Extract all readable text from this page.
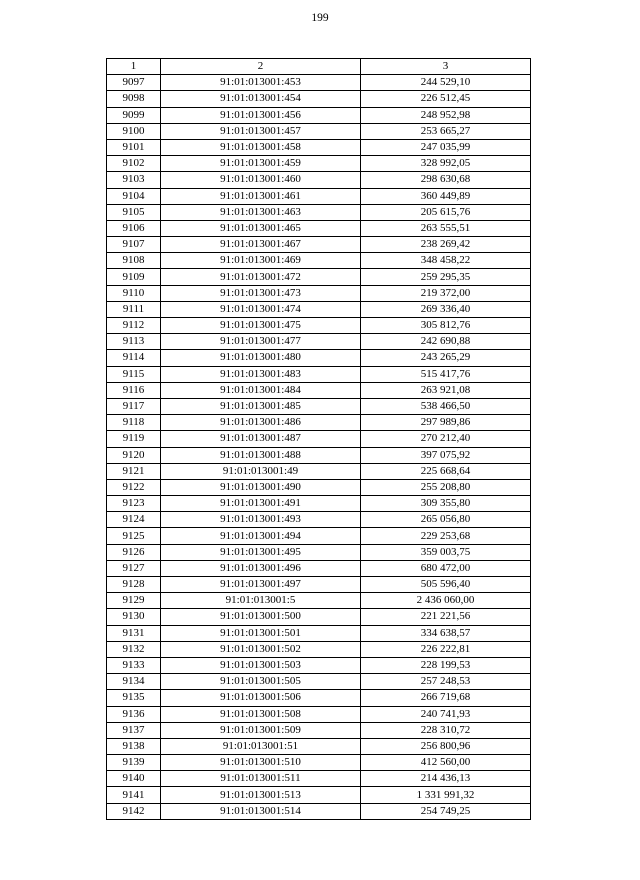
199
1	2	3
9097	91:01:013001:453	244 529,10
9098	91:01:013001:454	226 512,45
9099	91:01:013001:456	248 952,98
9100	91:01:013001:457	253 665,27
9101	91:01:013001:458	247 035,99
9102	91:01:013001:459	328 992,05
9103	91:01:013001:460	298 630,68
9104	91:01:013001:461	360 449,89
9105	91:01:013001:463	205 615,76
9106	91:01:013001:465	263 555,51
9107	91:01:013001:467	238 269,42
9108	91:01:013001:469	348 458,22
9109	91:01:013001:472	259 295,35
9110	91:01:013001:473	219 372,00
9111	91:01:013001:474	269 336,40
9112	91:01:013001:475	305 812,76
9113	91:01:013001:477	242 690,88
9114	91:01:013001:480	243 265,29
9115	91:01:013001:483	515 417,76
9116	91:01:013001:484	263 921,08
9117	91:01:013001:485	538 466,50
9118	91:01:013001:486	297 989,86
9119	91:01:013001:487	270 212,40
9120	91:01:013001:488	397 075,92
9121	91:01:013001:49	225 668,64
9122	91:01:013001:490	255 208,80
9123	91:01:013001:491	309 355,80
9124	91:01:013001:493	265 056,80
9125	91:01:013001:494	229 253,68
9126	91:01:013001:495	359 003,75
9127	91:01:013001:496	680 472,00
9128	91:01:013001:497	505 596,40
9129	91:01:013001:5	2 436 060,00
9130	91:01:013001:500	221 221,56
9131	91:01:013001:501	334 638,57
9132	91:01:013001:502	226 222,81
9133	91:01:013001:503	228 199,53
9134	91:01:013001:505	257 248,53
9135	91:01:013001:506	266 719,68
9136	91:01:013001:508	240 741,93
9137	91:01:013001:509	228 310,72
9138	91:01:013001:51	256 800,96
9139	91:01:013001:510	412 560,00
9140	91:01:013001:511	214 436,13
9141	91:01:013001:513	1 331 991,32
9142	91:01:013001:514	254 749,25
